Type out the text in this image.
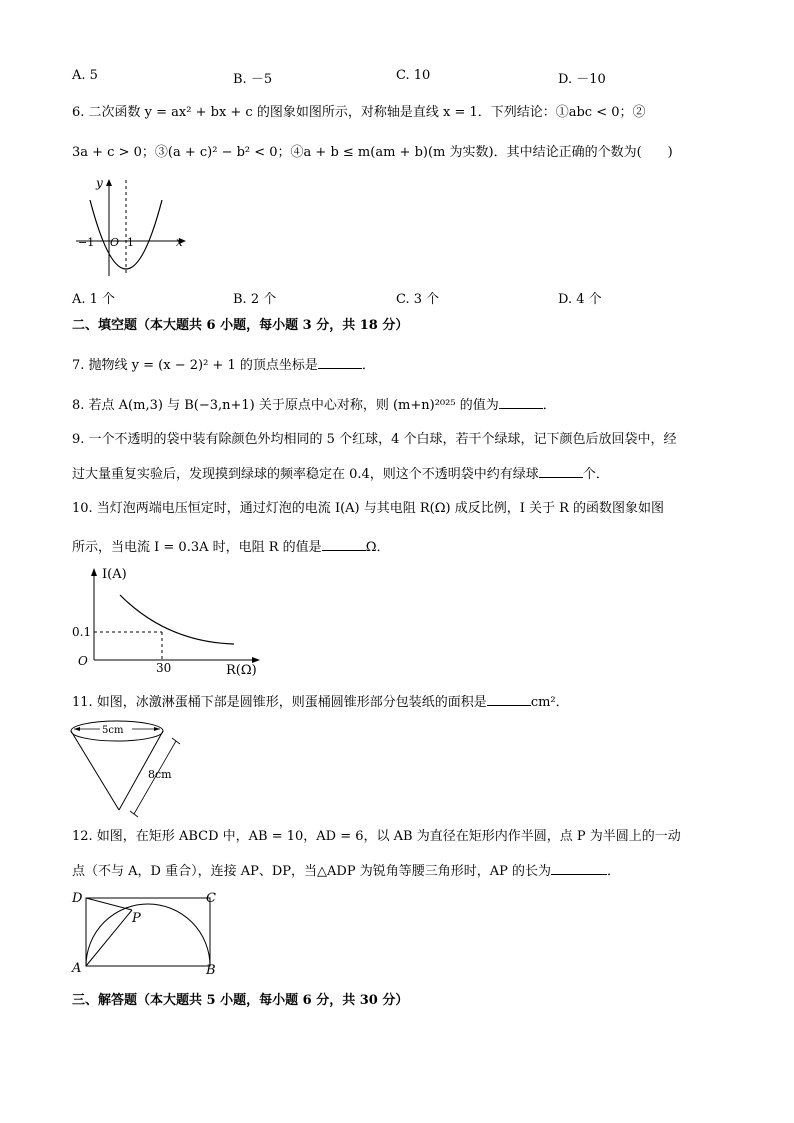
A. 5	B. －5	C. 10	D. －10
6. 二次函数 y = ax² + bx + c 的图象如图所示，对称轴是直线 x = 1．下列结论：①abc < 0；②
3a + c > 0；③(a + c)² − b² < 0；④a + b ≤ m(am + b)(m 为实数)．其中结论正确的个数为(　　)
y
x
−1 O 1
A. 1 个	B. 2 个	C. 3 个	D. 4 个
二、填空题（本大题共 6 小题，每小题 3 分，共 18 分）
7. 抛物线 y = (x − 2)² + 1 的顶点坐标是	．
8. 若点 A(m,3) 与 B(−3,n+1) 关于原点中心对称，则 (m+n)²⁰²⁵ 的值为	．
9. 一个不透明的袋中装有除颜色外均相同的 5 个红球，4 个白球，若干个绿球，记下颜色后放回袋中，经
过大量重复实验后，发现摸到绿球的频率稳定在 0.4，则这个不透明袋中约有绿球	个．
10. 当灯泡两端电压恒定时，通过灯泡的电流 I(A) 与其电阻 R(Ω) 成反比例，I 关于 R 的函数图象如图
所示，当电流 I = 0.3A 时，电阻 R 的值是	Ω．
I(A)
0.1
30	R(Ω)
O
11. 如图，冰激淋蛋桶下部是圆锥形，则蛋桶圆锥形部分包装纸的面积是	cm²．
5cm
8cm
12. 如图，在矩形 ABCD 中，AB = 10，AD = 6，以 AB 为直径在矩形内作半圆，点 P 为半圆上的一动
点（不与 A，D 重合），连接 AP、DP，当△ADP 为锐角等腰三角形时，AP 的长为	．
D	C
P
A	B
三、解答题（本大题共 5 小题，每小题 6 分，共 30 分）
